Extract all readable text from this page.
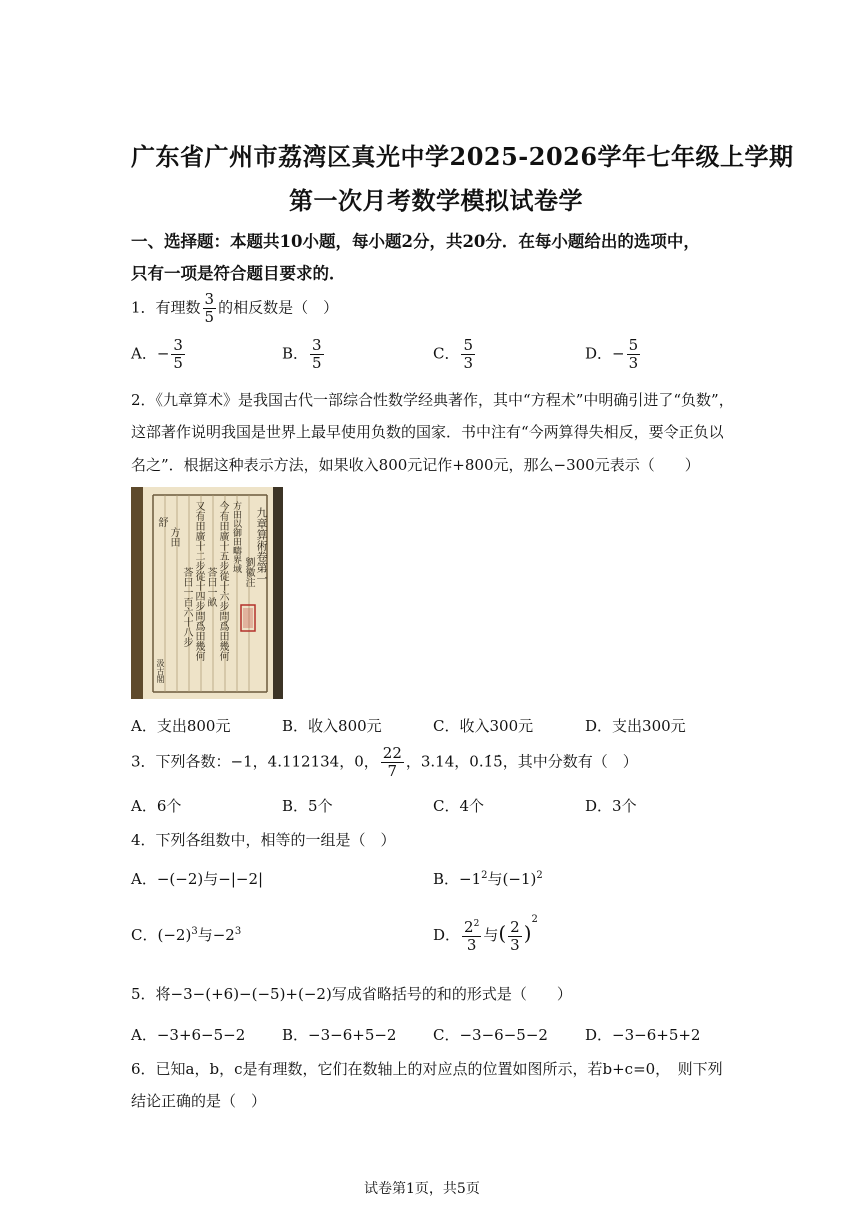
广东省广州市荔湾区真光中学2025-2026学年七年级上学期
第一次月考数学模拟试卷学
一、选择题：本题共10小题，每小题2分，共20分．在每小题给出的选项中，
只有一项是符合题目要求的．
1．有理数 $\frac{3}{5}$ 的相反数是（　）
A．− $\frac{3}{5}$	B． $\frac{3}{5}$	C． $\frac{5}{3}$	D．− $\frac{5}{3}$
2．《九章算术》是我国古代一部综合性数学经典著作，其中“方程术”中明确引进了“负数”，
这部著作说明我国是世界上最早使用负数的国家．书中注有“今两算得失相反，要令正负以
名之”．根据这种表示方法，如果收入800元记作+800元，那么−300元表示（　　）
九章算術卷第一
劉徽注
方田以御田疇界域
今有田廣十五步從十六步問爲田幾何
荅曰一畝
又有田廣十二步從十四步問爲田幾何
荅曰一百六十八步
方田
舒
汲古閣
A．支出800元	B．收入800元	C．收入300元	D．支出300元
3．下列各数：−1，4.112134，0， $\frac{22}{7}$ ，3.14，0.1̇5̇，其中分数有（　）
A．6个	B．5个	C．4个	D．3个
4．下列各组数中，相等的一组是（　）
A．−(−2)与−|−2|	B．$-1^2$与$(-1)^2$
C．$(-2)^3$与$-2^3$	D． $\frac{2^2}{3}$ 与( $\frac{2}{3} )^2$
5．将−3−(+6)−(−5)+(−2)写成省略括号的和的形式是（　　）
A．−3+6−5−2 B．−3−6+5−2 C．−3−6−5−2 D．−3−6+5+2
6．已知a，b，c是有理数，它们在数轴上的对应点的位置如图所示，若b+c=0，　则下列
结论正确的是（　）
试卷第1页，共5页
